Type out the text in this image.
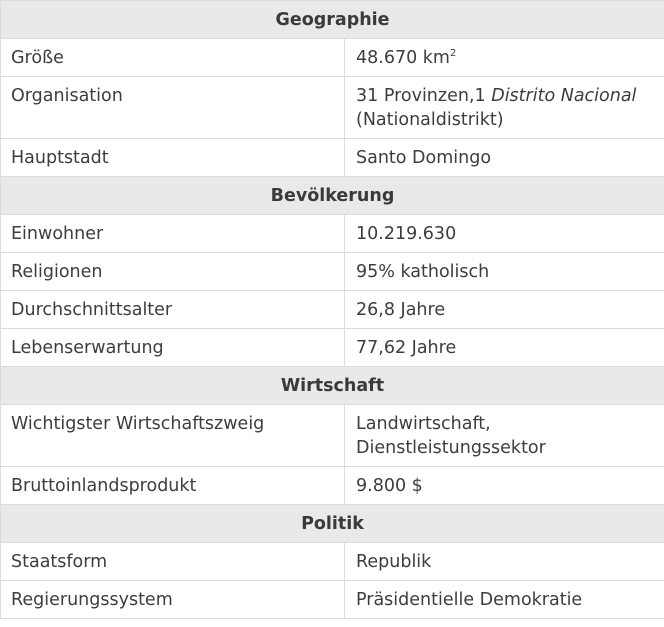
Geographie	
Größe	48.670 $km^2$
Organisation	31 Provinzen,1 Distrito Nacional (Nationaldistrikt)
Hauptstadt	Santo Domingo
Bevölkerung	
Einwohner	10.219.630
Religionen	95% katholisch
Durchschnittsalter	26,8 Jahre
Lebenserwartung	77,62 Jahre
Wirtschaft	
Wichtigster Wirtschaftszweig	Landwirtschaft, Dienstleistungssektor
Bruttoinlandsprodukt	9.800 $
Politik	
Staatsform	Republik
Regierungssystem	Präsidentielle Demokratie
